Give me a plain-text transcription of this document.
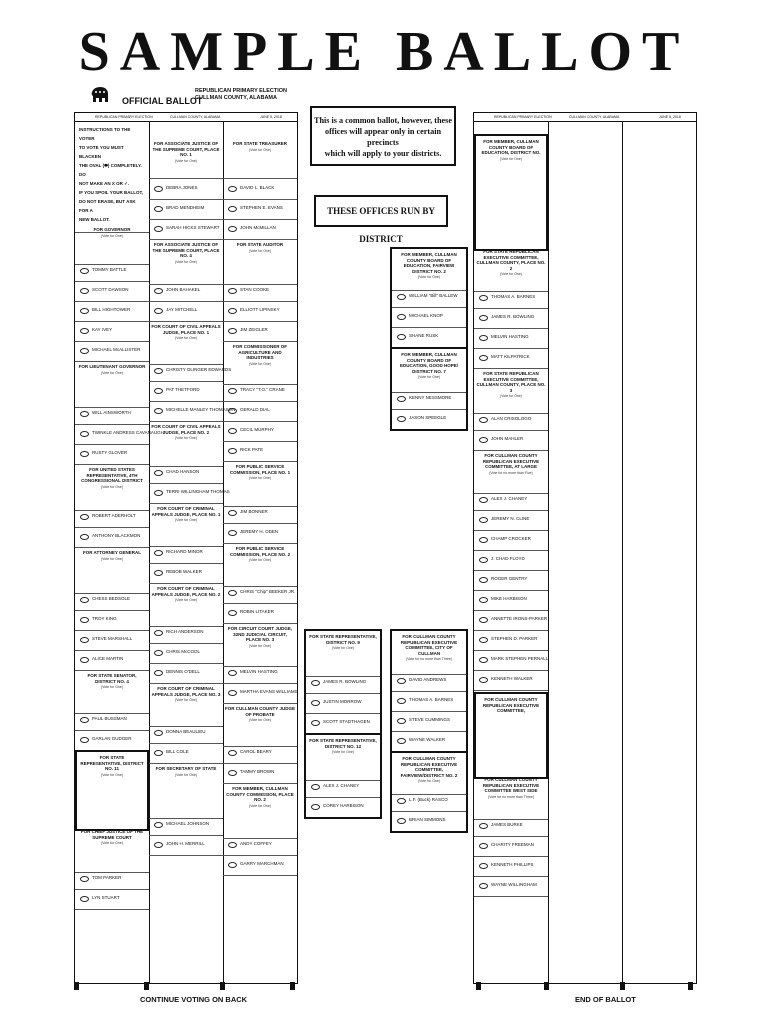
SAMPLE BALLOT
OFFICIAL BALLOT
REPUBLICAN PRIMARY ELECTION
CULLMAN COUNTY, ALABAMA
REPUBLICAN PRIMARY ELECTION	CULLMAN COUNTY, ALABAMA	JUNE 5, 2018
INSTRUCTIONS TO THE VOTER
TO VOTE YOU MUST BLACKEN
THE OVAL (⬬) COMPLETELY. DO
NOT MAKE AN X OR ✓.
IF YOU SPOIL YOUR BALLOT,
DO NOT ERASE, BUT ASK FOR A
NEW BALLOT.
FOR GOVERNOR
(Vote for One)
TOMMY BATTLE
SCOTT DAWSON
BILL HIGHTOWER
KAY IVEY
MICHAEL McALLISTER
FOR LIEUTENANT GOVERNOR
(Vote for One)
WILL AINSWORTH
TWINKLE ANDRESS CAVANAUGH
RUSTY GLOVER
FOR UNITED STATES REPRESENTATIVE, 4TH CONGRESSIONAL DISTRICT
(Vote for One)
ROBERT ADERHOLT
ANTHONY BLACKMON
FOR ATTORNEY GENERAL
(Vote for One)
CHESS BEDSOLE
TROY KING
STEVE MARSHALL
ALICE MARTIN
FOR STATE SENATOR, DISTRICT NO. 4
(Vote for One)
PAUL BUSSMAN
GARLAN GUDGER
FOR STATE REPRESENTATIVE, DISTRICT NO. 11
(Vote for One)
FOR CHIEF JUSTICE OF THE SUPREME COURT
(Vote for One)
TOM PARKER
LYN STUART
FOR ASSOCIATE JUSTICE OF THE SUPREME COURT, PLACE NO. 1
(Vote for One)
DEBRA JONES
BRAD MENDHEIM
SARAH HICKS STEWART
FOR ASSOCIATE JUSTICE OF THE SUPREME COURT, PLACE NO. 4
(Vote for One)
JOHN BAHAKEL
JAY MITCHELL
FOR COURT OF CIVIL APPEALS JUDGE, PLACE NO. 1
(Vote for One)
CHRISTY OLINGER EDWARDS
PAT THETFORD
MICHELLE MANLEY THOMASON
FOR COURT OF CIVIL APPEALS JUDGE, PLACE NO. 2
(Vote for One)
CHAD HANSON
TERRI WILLINGHAM THOMAS
FOR COURT OF CRIMINAL APPEALS JUDGE, PLACE NO. 1
(Vote for One)
RICHARD MINOR
REBOB WALKER
FOR COURT OF CRIMINAL APPEALS JUDGE, PLACE NO. 2
(Vote for One)
RICH ANDERSON
CHRIS McCOOL
DENNIS O'DELL
FOR COURT OF CRIMINAL APPEALS JUDGE, PLACE NO. 3
(Vote for One)
DONNA BEAULIEU
BILL COLE
FOR SECRETARY OF STATE
(Vote for One)
MICHAEL JOHNSON
JOHN H. MERRILL
FOR STATE TREASURER
(Vote for One)
DAVID L. BLACK
STEPHEN E. EVANS
JOHN McMILLAN
FOR STATE AUDITOR
(Vote for One)
STAN COOKE
ELLIOTT LIPINSKY
JIM ZEIGLER
FOR COMMISSIONER OF AGRICULTURE AND INDUSTRIES
(Vote for One)
TRACY "T.O." CRANE
GERALD DIAL
CECIL MURPHY
RICK PATE
FOR PUBLIC SERVICE COMMISSION, PLACE NO. 1
(Vote for One)
JIM BONNER
JEREMY H. ODEN
FOR PUBLIC SERVICE COMMISSION, PLACE NO. 2
(Vote for One)
CHRIS "Chip" BEEKER JR.
ROBIN LITAKER
FOR CIRCUIT COURT JUDGE, 32ND JUDICIAL CIRCUIT, PLACE NO. 3
(Vote for One)
MELVIN HASTING
MARTHA EVANS WILLIAMS
FOR CULLMAN COUNTY JUDGE OF PROBATE
(Vote for One)
CAROL BEARY
TAMMY BROWN
FOR MEMBER, CULLMAN COUNTY COMMISSION, PLACE NO. 2
(Vote for One)
ANDY COFFEY
GARRY MARCHMAN
This is a common ballot, however, these
offices will appear only in certain precincts
which will apply to your districts.
THESE OFFICES RUN BY DISTRICT
FOR MEMBER, CULLMAN COUNTY BOARD OF EDUCATION, FAIRVIEW DISTRICT NO. 2
(Vote for One)
WILLIAM "Bill" BALLEW
MICHAEL KNOP
SHANE RUSK
FOR MEMBER, CULLMAN COUNTY BOARD OF EDUCATION, GOOD HOPE/ DISTRICT NO. 7
(Vote for One)
KENNY NESSMORE
JASON SPEEGLE
FOR STATE REPRESENTATIVE, DISTRICT NO. 9
(Vote for One)
JAMES R. BOWLING
JUSTIN MORROW
SCOTT STADTHAGEN
FOR STATE REPRESENTATIVE, DISTRICT NO. 12
(Vote for One)
ALEX J. CHANEY
COREY HARBISON
FOR CULLMAN COUNTY REPUBLICAN EXECUTIVE COMMITTEE, CITY OF CULLMAN
(Vote for no more than Three)
DAVID ANDREWS
THOMAS A. BARNES
STEVE CUMMINGS
WAYNE WALKER
FOR CULLMAN COUNTY REPUBLICAN EXECUTIVE COMMITTEE, FAIRVIEW/DISTRICT NO. 2
(Vote for One)
L.F. (Buck) RASCO
BRIAN SIMMONS
REPUBLICAN PRIMARY ELECTION	CULLMAN COUNTY, ALABAMA	JUNE 5, 2018
FOR MEMBER, CULLMAN COUNTY BOARD OF EDUCATION, DISTRICT NO.
(Vote for One)
FOR STATE REPUBLICAN EXECUTIVE COMMITTEE, CULLMAN COUNTY, PLACE NO. 2
(Vote for One)
THOMAS A. BARNES
JAMES R. BOWLING
MELVIN HASTING
MATT KILPATRICK
FOR STATE REPUBLICAN EXECUTIVE COMMITTEE, CULLMAN COUNTY, PLACE NO. 3
(Vote for One)
ALAN CRISOLOGO
JOHN MAHLER
FOR CULLMAN COUNTY REPUBLICAN EXECUTIVE COMMITTEE, AT LARGE
(Vote for no more than Five)
ALEX J. CHANEY
JEREMY N. CLINE
CHAMP CROCKER
J. CHAD FLOYD
ROGER GENTRY
MIKE HARBISON
ANNETTE IRONS-PARKER
STEPHEN D. PARKER
MARK STEPHEN PERNALL
KENNETH WALKER
FOR CULLMAN COUNTY REPUBLICAN EXECUTIVE COMMITTEE,
FOR CULLMAN COUNTY REPUBLICAN EXECUTIVE COMMITTEE WEST SIDE
(Vote for no more than Three)
JAMES BURKE
CHARITY FREEMAN
KENNETH PHILLIPS
WAYNE WILLINGHAM
CONTINUE VOTING ON BACK	END OF BALLOT
